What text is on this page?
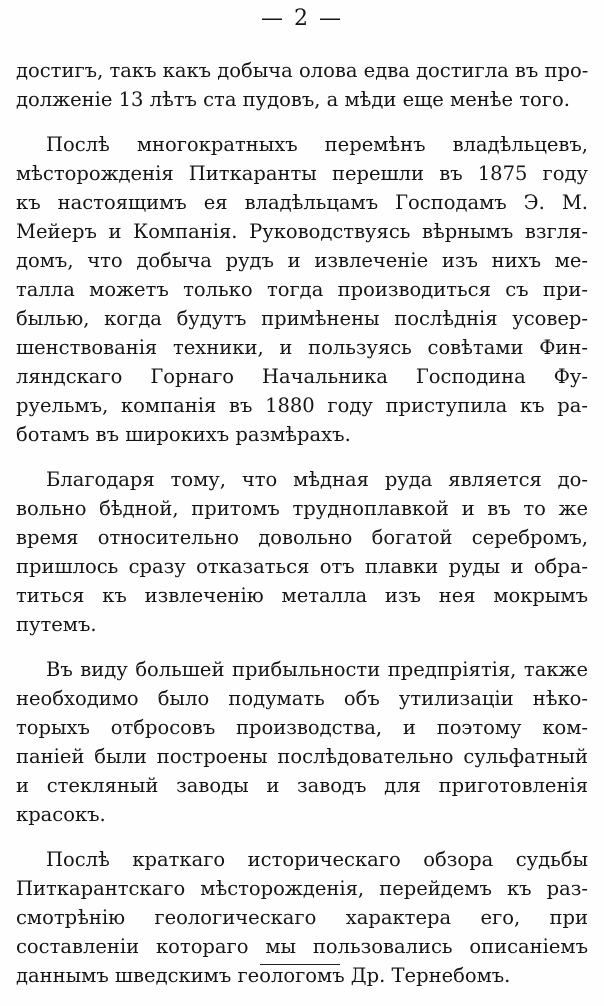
— 2 —
достигъ, такъ какъ добыча олова едва достигла въ про-
долженіе 13 лѣтъ ста пудовъ, а мѣди еще менѣе того.
Послѣ многократныхъ перемѣнъ владѣльцевъ,
мѣсторожденія Питкаранты перешли въ 1875 году
къ настоящимъ ея владѣльцамъ Господамъ Э. М.
Мейеръ и Компанія. Руководствуясь вѣрнымъ взгля-
домъ, что добыча рудъ и извлеченіе изъ нихъ ме-
талла можетъ только тогда производиться съ при-
былью, когда будутъ примѣнены послѣднія усовер-
шенствованія техники, и пользуясь совѣтами Фин-
ляндскаго Горнаго Начальника Господина Фу-
руельмъ, компанія въ 1880 году приступила къ ра-
ботамъ въ широкихъ размѣрахъ.
Благодаря тому, что мѣдная руда является до-
вольно бѣдной, притомъ трудноплавкой и въ то же
время относительно довольно богатой серебромъ,
пришлось сразу отказаться отъ плавки руды и обра-
титься къ извлеченію металла изъ нея мокрымъ
путемъ.
Въ виду большей прибыльности предпріятія, также
необходимо было подумать объ утилизаціи нѣко-
торыхъ отбросовъ производства, и поэтому ком-
паніей были построены послѣдовательно сульфатный
и стекляный заводы и заводъ для приготовленія
красокъ.
Послѣ краткаго историческаго обзора судьбы
Питкарантскаго мѣсторожденія, перейдемъ къ раз-
смотрѣнію геологическаго характера его, при
составленіи котораго мы пользовались описаніемъ
даннымъ шведскимъ геологомъ Др. Тернебомъ.
